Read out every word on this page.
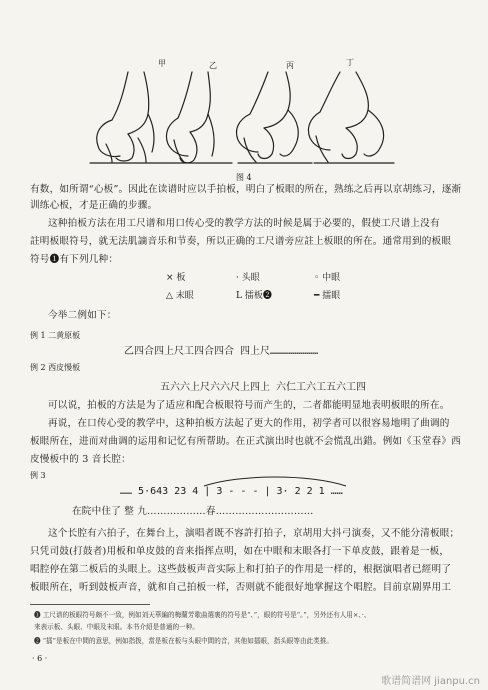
甲	乙	丙	丁
图 4
有数，如所谓“心板”。因此在读谱时应以手拍板，明白了板眼的所在，熟练之后再以京胡练习，逐渐
训练心板，才是正确的步骤。
这种拍板方法在用工尺谱和用口传心受的教学方法的时候是属于必要的，假使工尺谱上没有
註明板眼符号，就无法肌謫音乐和节奏，所以正确的工尺谱旁应註上板眼的所在。通常用到的板眼
符号❶有下列几种：
× 板	· 头眼	◦ 中眼
△ 末眼	L 擂板❷	━ 擂眼
今举二例如下：
例 1 二黄原板
乙四合四上尺工四合四合 四上尺……………………
例 2 西皮慢板
五六六上尺六六尺上四上 六仁工六工五六工四
可以说，拍板的方法是为了适应和配合板眼符号而产生的，二者都能明显地表明板眼的所在。
再说，在口传心受的教学中，这种拍板方法起了更大的作用，初学者可以很容易地明了曲调的
板眼所在，进而对曲调的运用和记忆有所帮助。在正式演出时也就不会慌乱出錯。例如《玉堂春》西
皮慢板中的 3 音长腔：
例 3
…… 5·643 23 4 | 3 - - - | 3· 2 2 1 ……
在院中住了 整 九………………春…………………………
这个长腔有六拍子，在舞台上，演唱者既不容許打拍子，京胡用大抖弓演奏，又不能分清板眼；
只凭司鼓(打鼓者)用板和单皮鼓的音来指挥点明，如在中眼和末眼各打一下单皮鼓，跟着是一板，
唱腔停在第二板后的头眼上。这些鼓板声音实际上和打拍子的作用是一样的，根据演唱者已經明了
板眼所在，听到鼓板声音，就和自己拍板一样，否则就不能很好地掌握这个唱腔。目前京剧界用工
❶ 工尺谱的板眼符号颇不一致，例如刘天華編的梅蘭芳歌曲選裏的符号是“、”，眼的符号是“。”，另外还有人用×、·、
来表示板、头眼、中眼及末眼。本书介紹是普通的一种。
❷ “擂”是板在中間的意思，例如指拨，當是板在板与头眼中間的音，其他如擂眼，指头眼等由此类推。
· 6 ·
歌谱简谱网 jianpu.cn
